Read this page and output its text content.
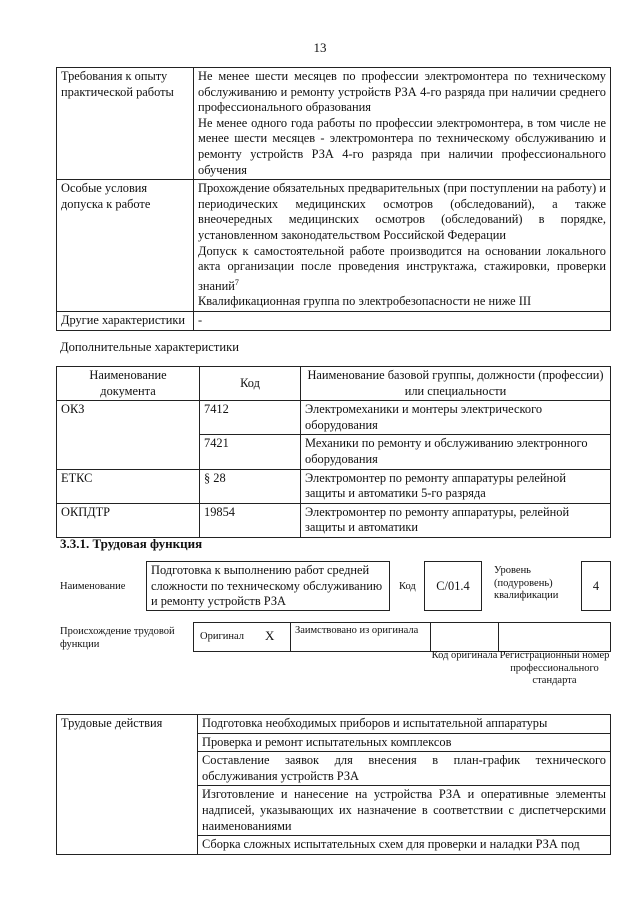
13
Требования к опыту практической работы	Не менее шести месяцев по профессии электромонтера по техническому обслуживанию и ремонту устройств РЗА 4-го разряда при наличии среднего профессионального образования

Не менее одного года работы по профессии электромонтера, в том числе не менее шести месяцев - электромонтера по техническому обслуживанию и ремонту устройств РЗА 4-го разряда при наличии профессионального обучения

Особые условия допуска к работе	Прохождение обязательных предварительных (при поступлении на работу) и периодических медицинских осмотров (обследований), а также внеочередных медицинских осмотров (обследований) в порядке, установленном законодательством Российской Федерации

Допуск к самостоятельной работе производится на основании локального акта организации после проведения инструктажа, стажировки, проверки знаний$^7$

Квалификационная группа по электробезопасности не ниже III

Другие характеристики	-
Дополнительные характеристики
Наименование документа	Код	Наименование базовой группы, должности (профессии) или специальности
ОКЗ	7412	Электромеханики и монтеры электрического оборудования
	7421	Механики по ремонту и обслуживанию электронного оборудования
ЕТКС	§ 28	Электромонтер по ремонту аппаратуры релейной защиты и автоматики 5-го разряда
ОКПДТР	19854	Электромонтер по ремонту аппаратуры, релейной защиты и автоматики
3.3.1. Трудовая функция
Наименование
Подготовка к выполнению работ средней сложности по техническому обслуживанию и ремонту устройств РЗА
Код	С/01.4
Уровень (подуровень) квалификации
4
Происхождение трудовой функции
Оригинал X	Заимствовано из оригинала
Код оригинала Регистрационный номер профессионального стандарта
Трудовые действия	Подготовка необходимых приборов и испытательной аппаратуры
Проверка и ремонт испытательных комплексов
Составление заявок для внесения в план-график технического обслуживания устройств РЗА
Изготовление и нанесение на устройства РЗА и оперативные элементы надписей, указывающих их назначение в соответствии с диспетчерскими наименованиями
Сборка сложных испытательных схем для проверки и наладки РЗА под
